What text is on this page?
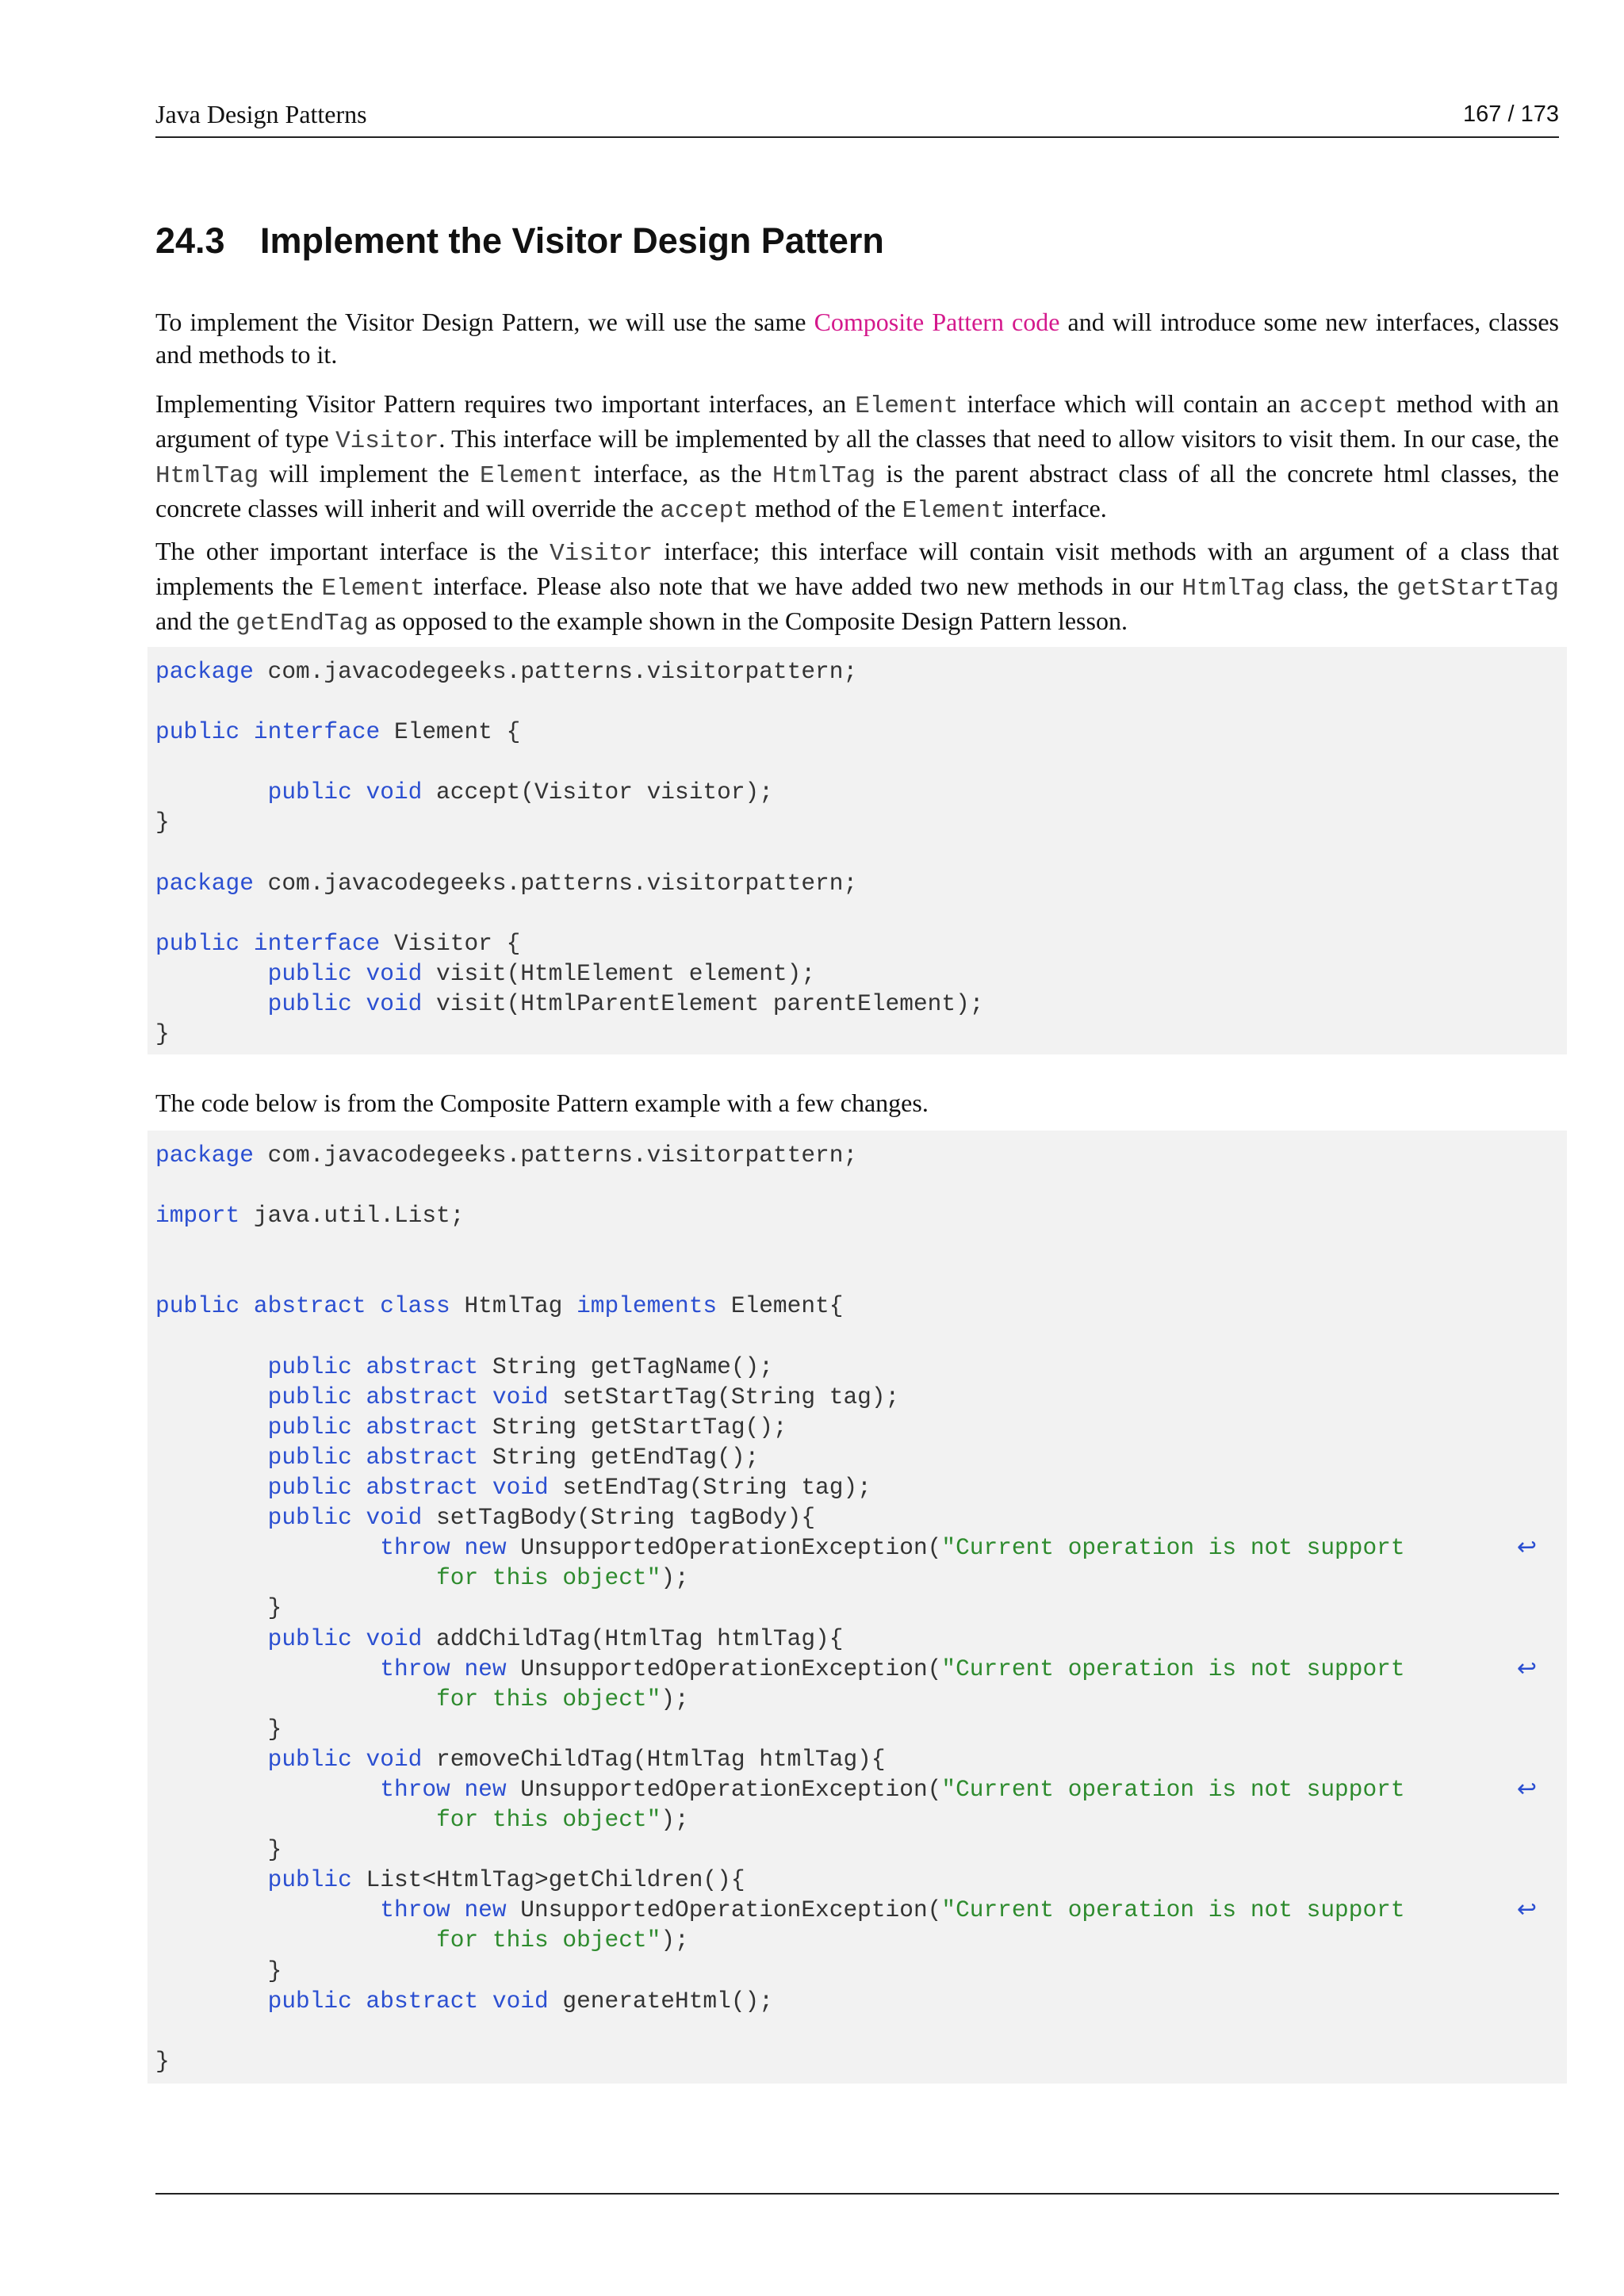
Java Design Patterns	167 / 173
24.3 Implement the Visitor Design Pattern

To implement the Visitor Design Pattern, we will use the same Composite Pattern code and will introduce some new interfaces, classes and methods to it.

Implementing Visitor Pattern requires two important interfaces, an Element interface which will contain an accept method with an argument of type Visitor. This interface will be implemented by all the classes that need to allow visitors to visit them. In our case, the HtmlTag will implement the Element interface, as the HtmlTag is the parent abstract class of all the concrete html classes, the concrete classes will inherit and will override the accept method of the Element interface.

The other important interface is the Visitor interface; this interface will contain visit methods with an argument of a class that implements the Element interface. Please also note that we have added two new methods in our HtmlTag class, the getStartTag and the getEndTag as opposed to the example shown in the Composite Design Pattern lesson.

package com.javacodegeeks.patterns.visitorpattern;
public interface Element {
public void accept(Visitor visitor);
}
package com.javacodegeeks.patterns.visitorpattern;
public interface Visitor {
public void visit(HtmlElement element);
public void visit(HtmlParentElement parentElement);
}

The code below is from the Composite Pattern example with a few changes.

package com.javacodegeeks.patterns.visitorpattern;
import java.util.List;
public abstract class HtmlTag implements Element{
public abstract String getTagName();
public abstract void setStartTag(String tag);
public abstract String getStartTag();
public abstract String getEndTag();
public abstract void setEndTag(String tag);
public void setTagBody(String tagBody){
throw new UnsupportedOperationException("Current operation is not support	↩
for this object");
}
public void addChildTag(HtmlTag htmlTag){
throw new UnsupportedOperationException("Current operation is not support	↩
for this object");
}
public void removeChildTag(HtmlTag htmlTag){
throw new UnsupportedOperationException("Current operation is not support	↩
for this object");
}
public List<HtmlTag>getChildren(){
throw new UnsupportedOperationException("Current operation is not support	↩
for this object");
}
public abstract void generateHtml();
}
